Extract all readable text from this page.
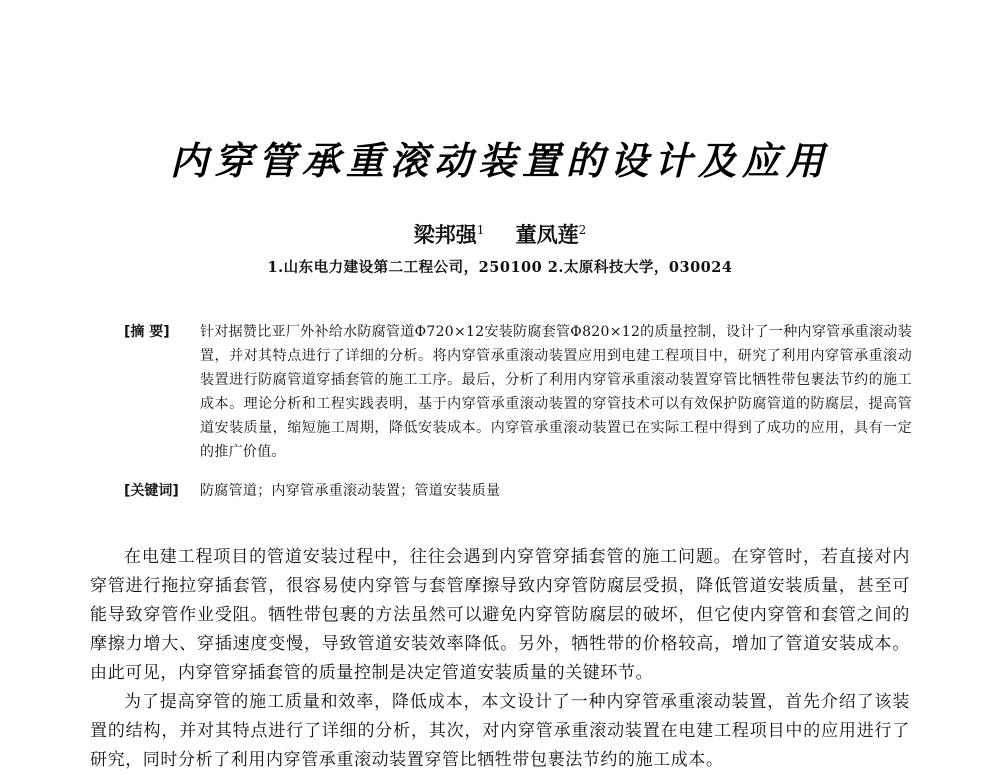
内穿管承重滚动装置的设计及应用
梁邦强$^1$ 董凤莲$^2$
1.山东电力建设第二工程公司，250100 2.太原科技大学，030024
[摘 要] 针对据赞比亚厂外补给水防腐管道Φ720×12安装防腐套管Φ820×12的质量控制，设计了一种内穿管承重滚动装置，并对其特点进行了详细的分析。将内穿管承重滚动装置应用到电建工程项目中，研究了利用内穿管承重滚动装置进行防腐管道穿插套管的施工工序。最后，分析了利用内穿管承重滚动装置穿管比牺牲带包裹法节约的施工成本。理论分析和工程实践表明，基于内穿管承重滚动装置的穿管技术可以有效保护防腐管道的防腐层，提高管道安装质量，缩短施工周期，降低安装成本。内穿管承重滚动装置已在实际工程中得到了成功的应用，具有一定的推广价值。
[关键词] 防腐管道；内穿管承重滚动装置；管道安装质量

在电建工程项目的管道安装过程中，往往会遇到内穿管穿插套管的施工问题。在穿管时，若直接对内穿管进行拖拉穿插套管，很容易使内穿管与套管摩擦导致内穿管防腐层受损，降低管道安装质量，甚至可能导致穿管作业受阻。牺牲带包裹的方法虽然可以避免内穿管防腐层的破坏，但它使内穿管和套管之间的摩擦力增大、穿插速度变慢，导致管道安装效率降低。另外，牺牲带的价格较高，增加了管道安装成本。由此可见，内穿管穿插套管的质量控制是决定管道安装质量的关键环节。

为了提高穿管的施工质量和效率，降低成本，本文设计了一种内穿管承重滚动装置，首先介绍了该装置的结构，并对其特点进行了详细的分析，其次，对内穿管承重滚动装置在电建工程项目中的应用进行了研究，同时分析了利用内穿管承重滚动装置穿管比牺牲带包裹法节约的施工成本。
